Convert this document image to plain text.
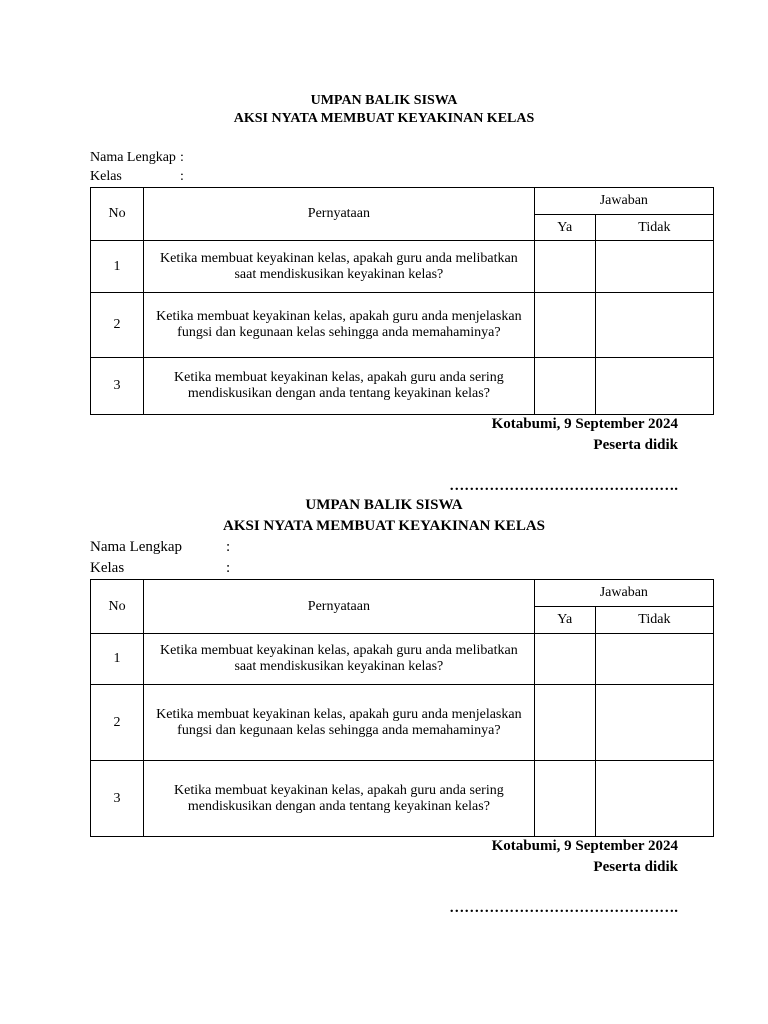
UMPAN BALIK SISWA
AKSI NYATA MEMBUAT KEYAKINAN KELAS
Nama Lengkap :
Kelas	:
No	Pernyataan	Jawaban	
		Ya	Tidak
1	Ketika membuat keyakinan kelas, apakah guru anda melibatkan saat mendiskusikan keyakinan kelas?		
2	Ketika membuat keyakinan kelas, apakah guru anda menjelaskan fungsi dan kegunaan kelas sehingga anda memahaminya?		
3	Ketika membuat keyakinan kelas, apakah guru anda sering mendiskusikan dengan anda tentang keyakinan kelas?		
Kotabumi, 9 September 2024
Peserta didik
……………………………………….
UMPAN BALIK SISWA
AKSI NYATA MEMBUAT KEYAKINAN KELAS
Nama Lengkap	:
Kelas	:
No	Pernyataan	Jawaban	
		Ya	Tidak
1	Ketika membuat keyakinan kelas, apakah guru anda melibatkan saat mendiskusikan keyakinan kelas?		
2	Ketika membuat keyakinan kelas, apakah guru anda menjelaskan fungsi dan kegunaan kelas sehingga anda memahaminya?		
3	Ketika membuat keyakinan kelas, apakah guru anda sering mendiskusikan dengan anda tentang keyakinan kelas?		
Kotabumi, 9 September 2024
Peserta didik
……………………………………….
